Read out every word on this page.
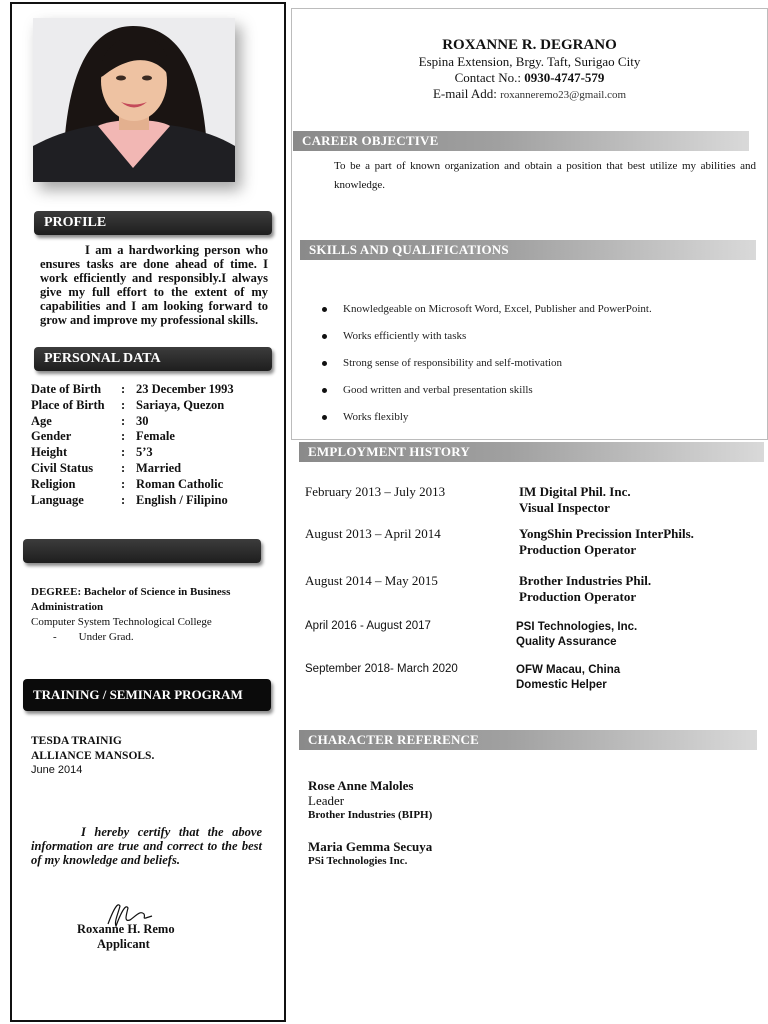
PROFILE
I am a hardworking person who ensures tasks are done ahead of time. I work efficiently and responsibly.I always give my full effort to the extent of my capabilities and I am looking forward to grow and improve my professional skills.
PERSONAL DATA
Date of Birth	:	23 December 1993
Place of Birth	:	Sariaya, Quezon
Age	:	30
Gender	:	Female
Height	:	5’3
Civil Status	:	Married
Religion	:	Roman Catholic
Language	:	English / Filipino
DEGREE: Bachelor of Science in Business Administration
Computer System Technological College
- Under Grad.
TRAINING / SEMINAR PROGRAM
TESDA TRAINIG
ALLIANCE MANSOLS.
June 2014
I hereby certify that the above information are true and correct to the best of my knowledge and beliefs.
Roxanne H. Remo
Applicant
ROXANNE R. DEGRANO
Espina Extension, Brgy. Taft, Surigao City
Contact No.: 0930-4747-579
E-mail Add: roxanneremo23@gmail.com
CAREER OBJECTIVE
To be a part of known organization and obtain a position that best utilize my abilities and knowledge.
SKILLS AND QUALIFICATIONS
Knowledgeable on Microsoft Word, Excel, Publisher and PowerPoint.
Works efficiently with tasks
Strong sense of responsibility and self-motivation
Good written and verbal presentation skills
Works flexibly
EMPLOYMENT HISTORY
February 2013 – July 2013	IM Digital Phil. Inc.
Visual Inspector
August 2013 – April 2014	YongShin Precission InterPhils.
Production Operator
August 2014 – May 2015	Brother Industries Phil.
Production Operator
April 2016 - August 2017	PSI Technologies, Inc.
Quality Assurance
September 2018- March 2020	OFW Macau, China
Domestic Helper
CHARACTER REFERENCE
Rose Anne Maloles
Leader
Brother Industries (BIPH)
Maria Gemma Secuya
PSi Technologies Inc.
